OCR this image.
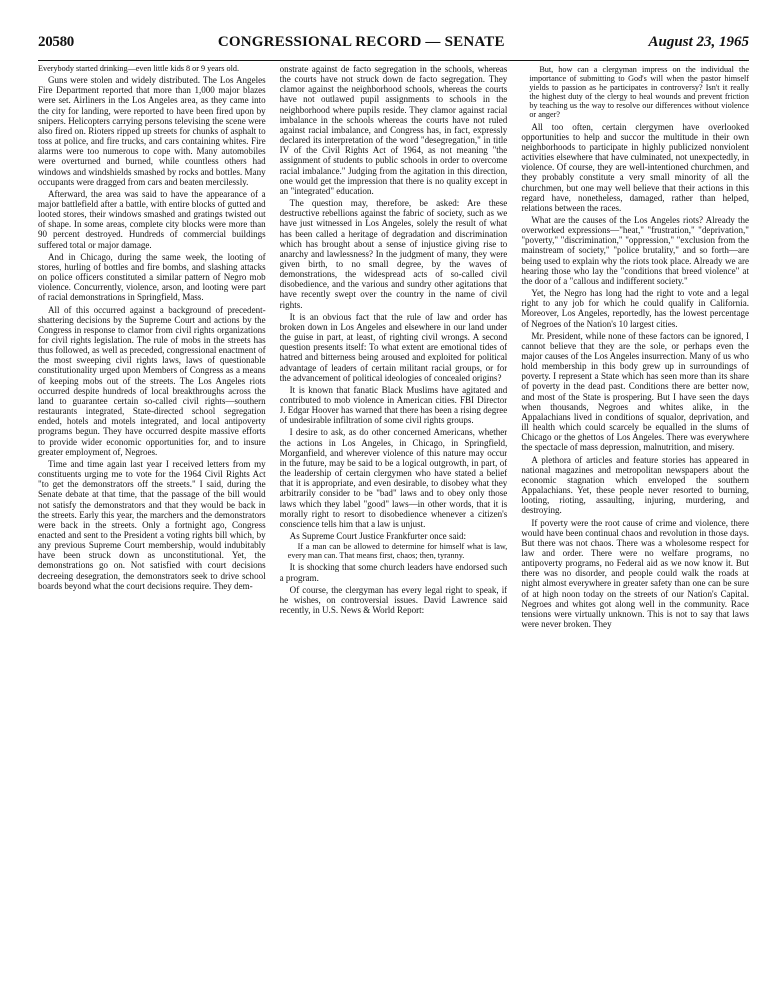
20580	CONGRESSIONAL RECORD — SENATE	August 23, 1965

Everybody started drinking—even little kids 8 or 9 years old.

Guns were stolen and widely distributed. The Los Angeles Fire Department reported that more than 1,000 major blazes were set. Airliners in the Los Angeles area, as they came into the city for landing, were reported to have been fired upon by snipers. Helicopters carrying persons televising the scene were also fired on. Rioters ripped up streets for chunks of asphalt to toss at police, and fire trucks, and cars containing whites. Fire alarms were too numerous to cope with. Many automobiles were overturned and burned, while countless others had windows and windshields smashed by rocks and bottles. Many occupants were dragged from cars and beaten mercilessly.

Afterward, the area was said to have the appearance of a major battlefield after a battle, with entire blocks of gutted and looted stores, their windows smashed and gratings twisted out of shape. In some areas, complete city blocks were more than 90 percent destroyed. Hundreds of commercial buildings suffered total or major damage.

And in Chicago, during the same week, the looting of stores, hurling of bottles and fire bombs, and slashing attacks on police officers constituted a similar pattern of Negro mob violence. Concurrently, violence, arson, and looting were part of racial demonstrations in Springfield, Mass.

All of this occurred against a background of precedent-shattering decisions by the Supreme Court and actions by the Congress in response to clamor from civil rights organizations for civil rights legislation. The rule of mobs in the streets has thus followed, as well as preceded, congressional enactment of the most sweeping civil rights laws, laws of questionable constitutionality urged upon Members of Congress as a means of keeping mobs out of the streets. The Los Angeles riots occurred despite hundreds of local breakthroughs across the land to guarantee certain so-called civil rights—southern restaurants integrated, State-directed school segregation ended, hotels and motels integrated, and local antipoverty programs begun. They have occurred despite massive efforts to provide wider economic opportunities for, and to insure greater employment of, Negroes.

Time and time again last year I received letters from my constituents urging me to vote for the 1964 Civil Rights Act "to get the demonstrators off the streets." I said, during the Senate debate at that time, that the passage of the bill would not satisfy the demonstrators and that they would be back in the streets. Early this year, the marchers and the demonstrators were back in the streets. Only a fortnight ago, Congress enacted and sent to the President a voting rights bill which, by any previous Supreme Court membership, would indubitably have been struck down as unconstitutional. Yet, the demonstrations go on. Not satisfied with court decisions decreeing desegration, the demonstrators seek to drive school boards beyond what the court decisions require. They dem-

onstrate against de facto segregation in the schools, whereas the courts have not struck down de facto segregation. They clamor against the neighborhood schools, whereas the courts have not outlawed pupil assignments to schools in the neighborhood where pupils reside. They clamor against racial imbalance in the schools whereas the courts have not ruled against racial imbalance, and Congress has, in fact, expressly declared its interpretation of the word "desegregation," in title IV of the Civil Rights Act of 1964, as not meaning "the assignment of students to public schools in order to overcome racial imbalance." Judging from the agitation in this direction, one would get the impression that there is no quality except in an "integrated" education.

The question may, therefore, be asked: Are these destructive rebellions against the fabric of society, such as we have just witnessed in Los Angeles, solely the result of what has been called a heritage of degradation and discrimination which has brought about a sense of injustice giving rise to anarchy and lawlessness? In the judgment of many, they were given birth, to no small degree, by the waves of demonstrations, the widespread acts of so-called civil disobedience, and the various and sundry other agitations that have recently swept over the country in the name of civil rights.

It is an obvious fact that the rule of law and order has broken down in Los Angeles and elsewhere in our land under the guise in part, at least, of righting civil wrongs. A second question presents itself: To what extent are emotional tides of hatred and bitterness being aroused and exploited for political advantage of leaders of certain militant racial groups, or for the advancement of political ideologies of concealed origins?

It is known that fanatic Black Muslims have agitated and contributed to mob violence in American cities. FBI Director J. Edgar Hoover has warned that there has been a rising degree of undesirable infiltration of some civil rights groups.

I desire to ask, as do other concerned Americans, whether the actions in Los Angeles, in Chicago, in Springfield, Morganfield, and wherever violence of this nature may occur in the future, may be said to be a logical outgrowth, in part, of the leadership of certain clergymen who have stated a belief that it is appropriate, and even desirable, to disobey what they arbitrarily consider to be "bad" laws and to obey only those laws which they label "good" laws—in other words, that it is morally right to resort to disobedience whenever a citizen's conscience tells him that a law is unjust.

As Supreme Court Justice Frankfurter once said:

If a man can be allowed to determine for himself what is law, every man can. That means first, chaos; then, tyranny.

It is shocking that some church leaders have endorsed such a program.

Of course, the clergyman has every legal right to speak, if he wishes, on controversial issues. David Lawrence said recently, in U.S. News & World Report:

But, how can a clergyman impress on the individual the importance of submitting to God's will when the pastor himself yields to passion as he participates in controversy? Isn't it really the highest duty of the clergy to heal wounds and prevent friction by teaching us the way to resolve our differences without violence or anger?

All too often, certain clergymen have overlooked opportunities to help and succor the multitude in their own neighborhoods to participate in highly publicized nonviolent activities elsewhere that have culminated, not unexpectedly, in violence. Of course, they are well-intentioned churchmen, and they probably constitute a very small minority of all the churchmen, but one may well believe that their actions in this regard have, nonetheless, damaged, rather than helped, relations between the races.

What are the causes of the Los Angeles riots? Already the overworked expressions—"heat," "frustration," "deprivation," "poverty," "discrimination," "oppression," "exclusion from the mainstream of society," "police brutality," and so forth—are being used to explain why the riots took place. Already we are hearing those who lay the "conditions that breed violence" at the door of a "callous and indifferent society."

Yet, the Negro has long had the right to vote and a legal right to any job for which he could qualify in California. Moreover, Los Angeles, reportedly, has the lowest percentage of Negroes of the Nation's 10 largest cities.

Mr. President, while none of these factors can be ignored, I cannot believe that they are the sole, or perhaps even the major causes of the Los Angeles insurrection. Many of us who hold membership in this body grew up in surroundings of poverty. I represent a State which has seen more than its share of poverty in the dead past. Conditions there are better now, and most of the State is prospering. But I have seen the days when thousands, Negroes and whites alike, in the Appalachians lived in conditions of squalor, deprivation, and ill health which could scarcely be equalled in the slums of Chicago or the ghettos of Los Angeles. There was everywhere the spectacle of mass depression, malnutrition, and misery.

A plethora of articles and feature stories has appeared in national magazines and metropolitan newspapers about the economic stagnation which enveloped the southern Appalachians. Yet, these people never resorted to burning, looting, rioting, assaulting, injuring, murdering, and destroying.

If poverty were the root cause of crime and violence, there would have been continual chaos and revolution in those days. But there was not chaos. There was a wholesome respect for law and order. There were no welfare programs, no antipoverty programs, no Federal aid as we now know it. But there was no disorder, and people could walk the roads at night almost everywhere in greater safety than one can be sure of at high noon today on the streets of our Nation's Capital. Negroes and whites got along well in the community. Race tensions were virtually unknown. This is not to say that laws were never broken. They
